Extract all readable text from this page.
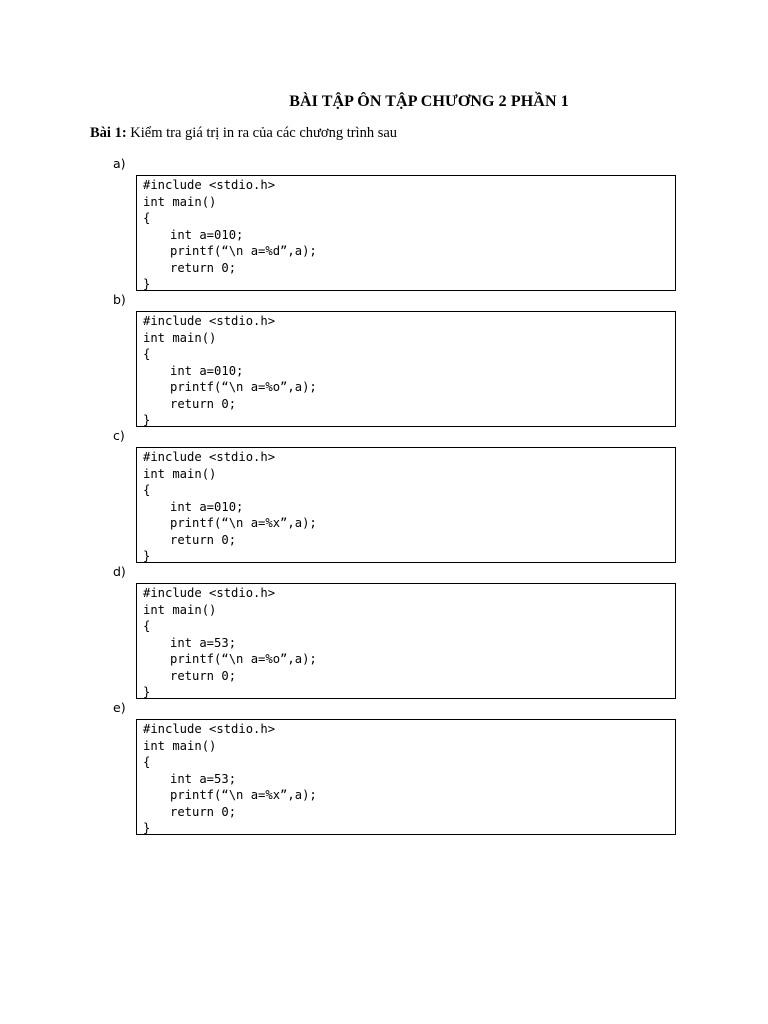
BÀI TẬP ÔN TẬP CHƯƠNG 2 PHẦN 1
Bài 1: Kiểm tra giá trị in ra của các chương trình sau
a)
#include <stdio.h>
int main()
{
int a=010;
printf(“\n a=%d”,a);
return 0;
}
b)
#include <stdio.h>
int main()
{
int a=010;
printf(“\n a=%o”,a);
return 0;
}
c)
#include <stdio.h>
int main()
{
int a=010;
printf(“\n a=%x”,a);
return 0;
}
d)
#include <stdio.h>
int main()
{
int a=53;
printf(“\n a=%o”,a);
return 0;
}
e)
#include <stdio.h>
int main()
{
int a=53;
printf(“\n a=%x”,a);
return 0;
}
